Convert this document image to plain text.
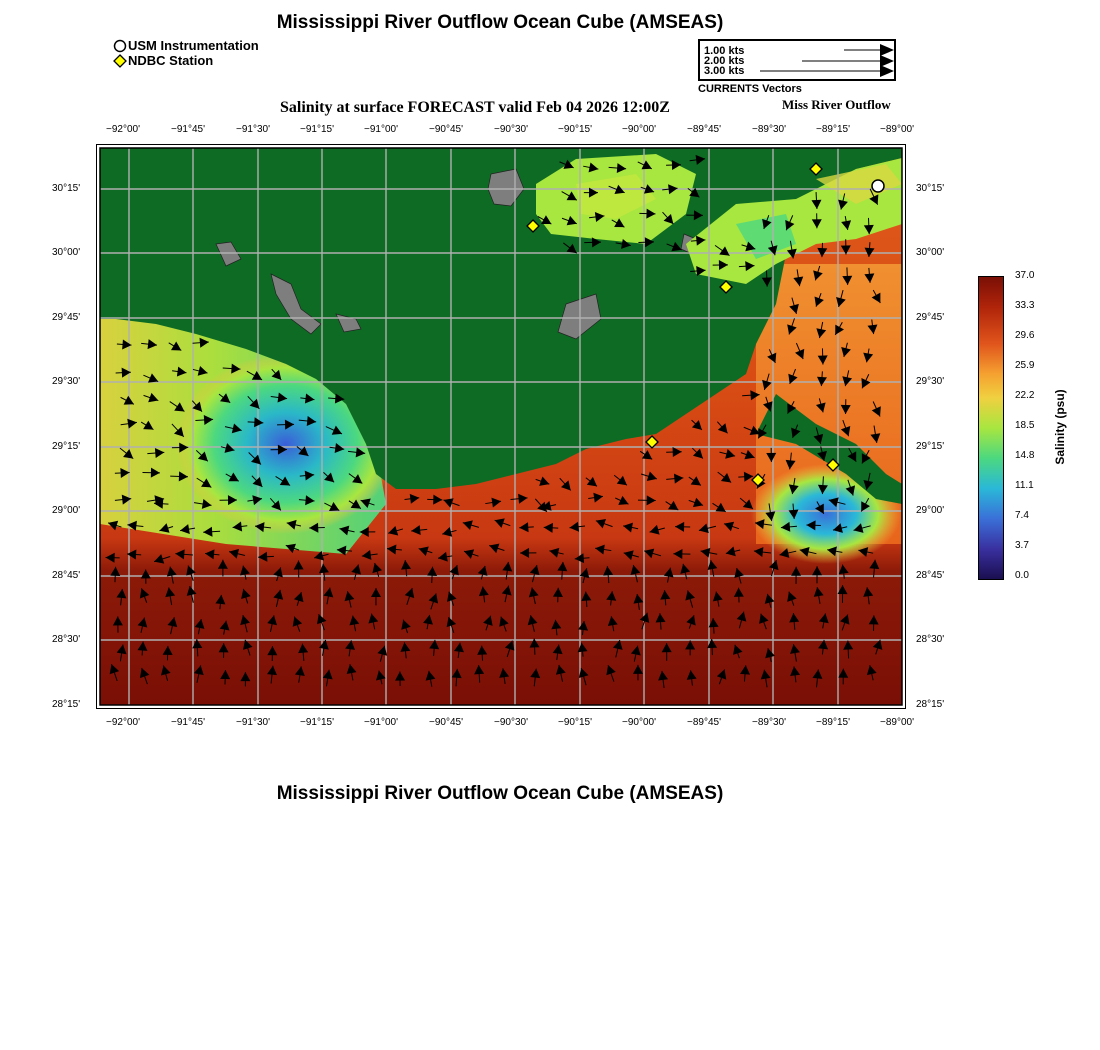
Mississippi River Outflow Ocean Cube (AMSEAS)
USM Instrumentation
NDBC Station
1.00 kts
2.00 kts
3.00 kts
CURRENTS Vectors
Salinity at surface FORECAST valid Feb 04 2026 12:00Z	Miss River Outflow
−92°00'	−91°45'	−91°30'	−91°15'	−91°00'	−90°45'	−90°30'	−90°15'	−90°00'	−89°45'	−89°30'	−89°15'	−89°00'
−92°00'	−91°45'	−91°30'	−91°15'	−91°00'	−90°45'	−90°30'	−90°15'	−90°00'	−89°45'	−89°30'	−89°15'	−89°00'
30°15'
30°00'
29°45'
29°30'
29°15'
29°00'
28°45'
28°30'
28°15'
30°15'
30°00'
29°45'
29°30'
29°15'
29°00'
28°45'
28°30'
28°15'
37.0
33.3
29.6
25.9
22.2
18.5
14.8
11.1
7.4
3.7
0.0
Salinity (psu)
Mississippi River Outflow Ocean Cube (AMSEAS)
